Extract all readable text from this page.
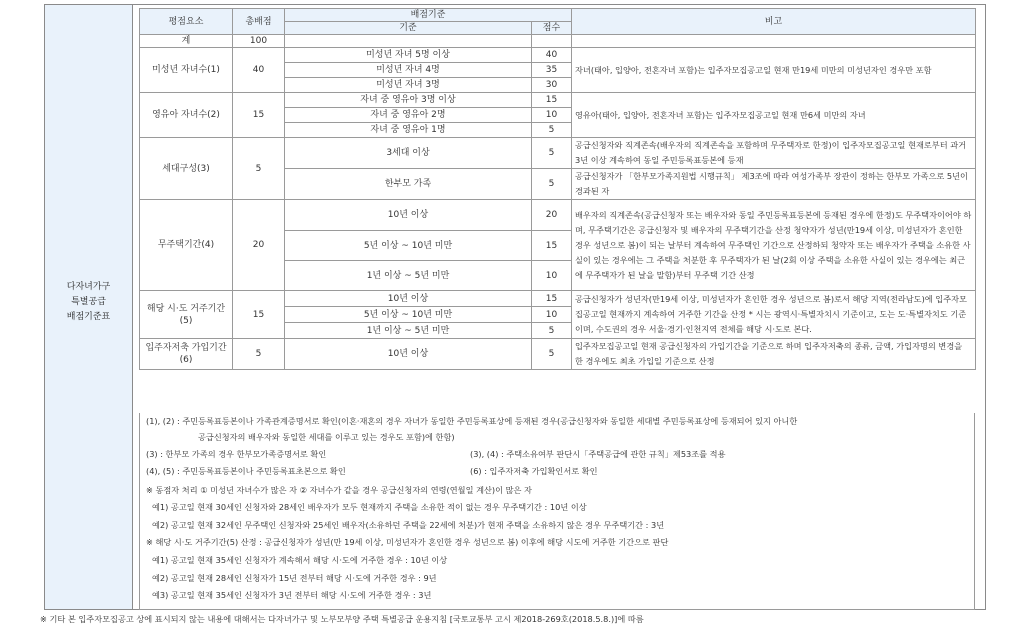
다자녀가구
특별공급
배점기준표
평점요소	총배점	배점기준		비고
		기준	점수	
계	100			
미성년 자녀수(1)	40	미성년 자녀 5명 이상	40	자녀(태아, 입양아, 전혼자녀 포함)는 입주자모집공고일 현재 만19세 미만의 미성년자인 경우만 포함
		미성년 자녀 4명	35	
		미성년 자녀 3명	30	
영유아 자녀수(2)	15	자녀 중 영유아 3명 이상	15	영유아(태아, 입양아, 전혼자녀 포함)는 입주자모집공고일 현재 만6세 미만의 자녀
		자녀 중 영유아 2명	10	
		자녀 중 영유아 1명	5	
세대구성(3)	5	3세대 이상	5	공급신청자와 직계존속(배우자의 직계존속을 포함하며 무주택자로 한정)이 입주자모집공고일 현재로부터 과거 3년 이상 계속하여 동일 주민등록표등본에 등재
		한부모 가족	5	공급신청자가 「한부모가족지원법 시행규칙」 제3조에 따라 여성가족부 장관이 정하는 한부모 가족으로 5년이 경과된 자
무주택기간(4)	20	10년 이상	20	배우자의 직계존속(공급신청자 또는 배우자와 동일 주민등록표등본에 등재된 경우에 한정)도 무주택자이어야 하며, 무주택기간은 공급신청자 및 배우자의 무주택기간을 산정 청약자가 성년(만19세 이상, 미성년자가 혼인한 경우 성년으로 봄)이 되는 날부터 계속하여 무주택인 기간으로 산정하되 청약자 또는 배우자가 주택을 소유한 사실이 있는 경우에는 그 주택을 처분한 후 무주택자가 된 날(2회 이상 주택을 소유한 사실이 있는 경우에는 최근에 무주택자가 된 날을 말함)부터 무주택 기간 산정
		5년 이상 ~ 10년 미만	15	
		1년 이상 ~ 5년 미만	10	
해당 시·도 거주기간(5)	15	10년 이상	15	공급신청자가 성년자(만19세 이상, 미성년자가 혼인한 경우 성년으로 봄)로서 해당 지역(전라남도)에 입주자모집공고일 현재까지 계속하여 거주한 기간을 산정 * 시는 광역시·특별자치시 기준이고, 도는 도·특별자치도 기준이며, 수도권의 경우 서울·경기·인천지역 전체를 해당 시·도로 본다.
		5년 이상 ~ 10년 미만	10	
		1년 이상 ~ 5년 미만	5	
입주자저축 가입기간(6)	5	10년 이상	5	입주자모집공고일 현재 공급신청자의 가입기간을 기준으로 하며 입주자저축의 종류, 금액, 가입자명의 변경을 한 경우에도 최초 가입일 기준으로 산정
(1), (2) : 주민등록표등본이나 가족관계증명서로 확인(이혼·재혼의 경우 자녀가 동일한 주민등록표상에 등재된 경우(공급신청자와 동일한 세대별 주민등록표상에 등재되어 있지 아니한
공급신청자의 배우자와 동일한 세대를 이루고 있는 경우도 포함)에 한함)
(3) : 한부모 가족의 경우 한부모가족증명서로 확인	(3), (4) : 주택소유여부 판단시「주택공급에 관한 규칙」제53조를 적용
(4), (5) : 주민등록표등본이나 주민등록표초본으로 확인	(6) : 입주자저축 가입확인서로 확인
※ 동점자 처리 ① 미성년 자녀수가 많은 자 ② 자녀수가 같을 경우 공급신청자의 연령(연월일 계산)이 많은 자
예1) 공고일 현재 30세인 신청자와 28세인 배우자가 모두 현재까지 주택을 소유한 적이 없는 경우 무주택기간 : 10년 이상
예2) 공고일 현재 32세인 무주택인 신청자와 25세인 배우자(소유하던 주택을 22세에 처분)가 현재 주택을 소유하지 않은 경우 무주택기간 : 3년
※ 해당 시·도 거주기간(5) 산정 : 공급신청자가 성년(만 19세 이상, 미성년자가 혼인한 경우 성년으로 봄) 이후에 해당 시도에 거주한 기간으로 판단
예1) 공고일 현재 35세인 신청자가 계속해서 해당 시·도에 거주한 경우 : 10년 이상
예2) 공고일 현재 28세인 신청자가 15년 전부터 해당 시·도에 거주한 경우 : 9년
예3) 공고일 현재 35세인 신청자가 3년 전부터 해당 시·도에 거주한 경우 : 3년
※ 기타 본 입주자모집공고 상에 표시되지 않는 내용에 대해서는 다자녀가구 및 노부모부양 주택 특별공급 운용지침 [국토교통부 고시 제2018-269호(2018.5.8.)]에 따름
